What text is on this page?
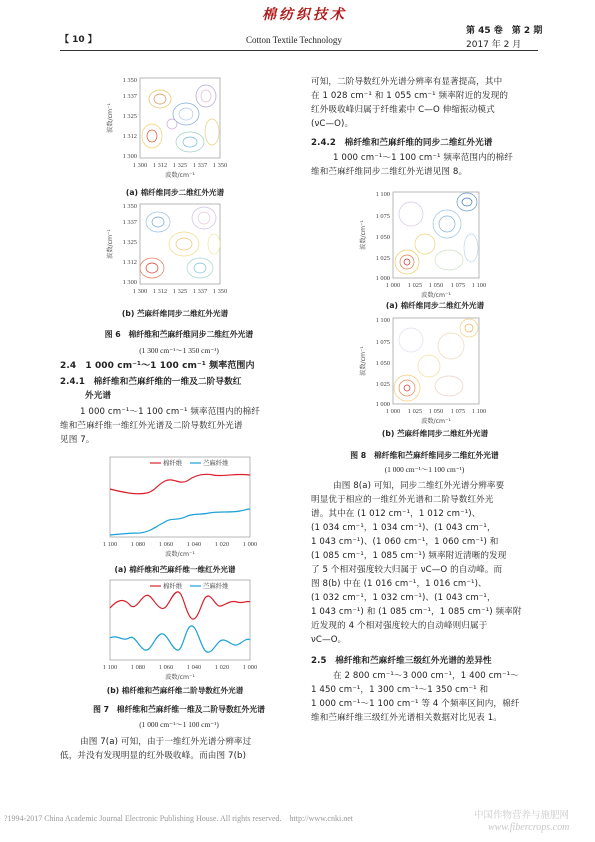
棉纺织技术
【 10 】	Cotton Textile Technology
第 45 卷　第 2 期
2017 年 2 月
1 350
1 337
1 325
1 312
1 300
1 300 1 312 1 325 1 337 1 350
波数/cm⁻¹
波数/cm⁻¹
(a) 棉纤维同步二维红外光谱
1 350
1 337
1 325
1 312
1 300
1 300 1 312 1 325 1 337 1 350
波数/cm⁻¹
(b) 苎麻纤维同步二维红外光谱
图 6　棉纤维和苎麻纤维同步二维红外光谱
(1 300 cm⁻¹～1 350 cm⁻¹)
2.4　1 000 cm⁻¹～1 100 cm⁻¹ 频率范围内
2.4.1　棉纤维和苎麻纤维的一维及二阶导数红
外光谱

1 000 cm⁻¹～1 100 cm⁻¹ 频率范围内的棉纤

维和苎麻纤维一维红外光谱及二阶导数红外光谱

见图 7。

棉纤维	苎麻纤维
1 100 1 080 1 060 1 040 1 020 1 000
波数/cm⁻¹
(a) 棉纤维和苎麻纤维一维红外光谱
棉纤维	苎麻纤维
1 100 1 080 1 060 1 040 1 020 1 000
波数/cm⁻¹
(b) 棉纤维和苎麻纤维二阶导数红外光谱
图 7　棉纤维和苎麻纤维一维及二阶导数红外光谱
(1 000 cm⁻¹～1 100 cm⁻¹)

由图 7(a) 可知，由于一维红外光谱分辨率过

低，并没有发现明显的红外吸收峰。而由图 7(b)

可知，二阶导数红外光谱分辨率有显著提高，其中

在 1 028 cm⁻¹ 和 1 055 cm⁻¹ 频率附近的发现的

红外吸收峰归属于纤维素中 C—O 伸缩振动模式

(νC—O)。

2.4.2　棉纤维和苎麻纤维的同步二维红外光谱

1 000 cm⁻¹～1 100 cm⁻¹ 频率范围内的棉纤

维和苎麻纤维同步二维红外光谱见图 8。

1 100
1 075
1 050
1 025
1 000
1 000 1 025 1 050 1 075 1 100
波数/cm⁻¹
波数/cm⁻¹
(a) 棉纤维同步二维红外光谱
1 100
1 075
1 050
1 025
1 000
1 000 1 025 1 050 1 075 1 100
波数/cm⁻¹
波数/cm⁻¹
(b) 苎麻纤维同步二维红外光谱
图 8　棉纤维和苎麻纤维同步二维红外光谱
(1 000 cm⁻¹～1 100 cm⁻¹)

由图 8(a) 可知，同步二维红外光谱分辨率要

明显优于相应的一维红外光谱和二阶导数红外光

谱。其中在 (1 012 cm⁻¹，1 012 cm⁻¹)、

(1 034 cm⁻¹，1 034 cm⁻¹)、(1 043 cm⁻¹，

1 043 cm⁻¹)、(1 060 cm⁻¹，1 060 cm⁻¹) 和

(1 085 cm⁻¹，1 085 cm⁻¹) 频率附近清晰的发现

了 5 个相对强度较大归属于 νC—O 的自动峰。而

图 8(b) 中在 (1 016 cm⁻¹，1 016 cm⁻¹)、

(1 032 cm⁻¹，1 032 cm⁻¹)、(1 043 cm⁻¹，

1 043 cm⁻¹) 和 (1 085 cm⁻¹，1 085 cm⁻¹) 频率附

近发现的 4 个相对强度较大的自动峰则归属于

νC—O。

2.5　棉纤维和苎麻纤维三级红外光谱的差异性

在 2 800 cm⁻¹～3 000 cm⁻¹，1 400 cm⁻¹～

1 450 cm⁻¹，1 300 cm⁻¹～1 350 cm⁻¹ 和

1 000 cm⁻¹～1 100 cm⁻¹ 等 4 个频率区间内，棉纤

维和苎麻纤维三级红外光谱相关数据对比见表 1。

?1994-2017 China Academic Journal Electronic Publishing House. All rights reserved.　http://www.cnki.net	中国作物营养与施肥网
www.fibercrops.com
